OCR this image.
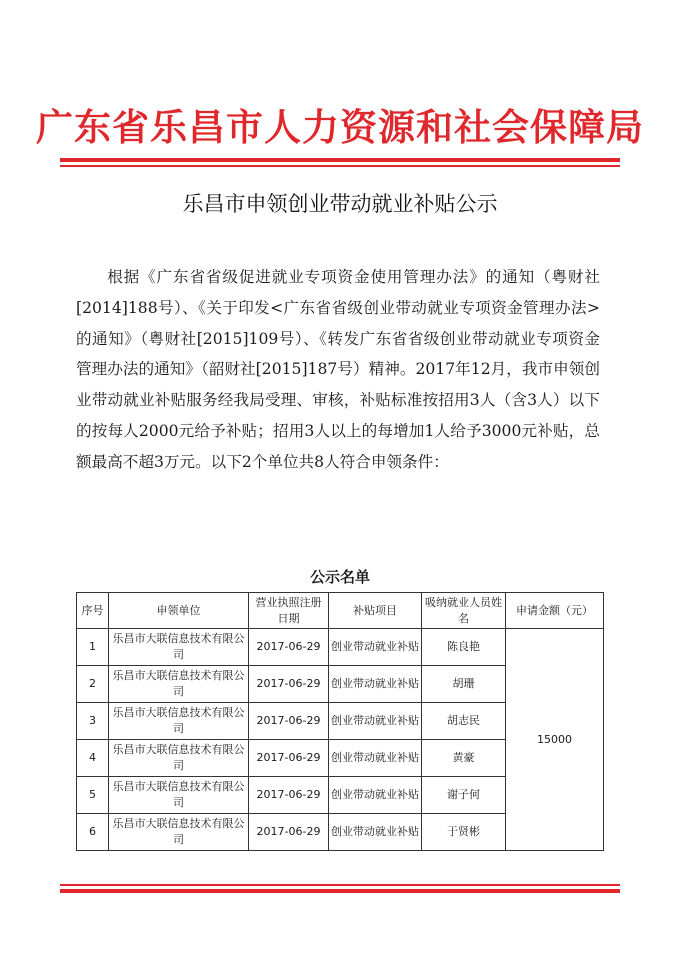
广东省乐昌市人力资源和社会保障局
乐昌市申领创业带动就业补贴公示

根据《广东省省级促进就业专项资金使用管理办法》的通知（粤财社[2014]188号）、《关于印发<广东省省级创业带动就业专项资金管理办法>的通知》（粤财社[2015]109号）、《转发广东省省级创业带动就业专项资金管理办法的通知》（韶财社[2015]187号）精神。2017年12月，我市申领创业带动就业补贴服务经我局受理、审核，补贴标准按招用3人（含3人）以下的按每人2000元给予补贴；招用3人以上的每增加1人给予3000元补贴，总额最高不超3万元。以下2个单位共8人符合申领条件：

公示名单
序号	申领单位	营业执照注册日期	补贴项目	吸纳就业人员姓名	申请金额（元）
1	乐昌市大联信息技术有限公司	2017-06-29	创业带动就业补贴	陈良艳	15000
2	乐昌市大联信息技术有限公司	2017-06-29	创业带动就业补贴	胡珊	
3	乐昌市大联信息技术有限公司	2017-06-29	创业带动就业补贴	胡志民	
4	乐昌市大联信息技术有限公司	2017-06-29	创业带动就业补贴	黄豪	
5	乐昌市大联信息技术有限公司	2017-06-29	创业带动就业补贴	谢子何	
6	乐昌市大联信息技术有限公司	2017-06-29	创业带动就业补贴	于贤彬	
